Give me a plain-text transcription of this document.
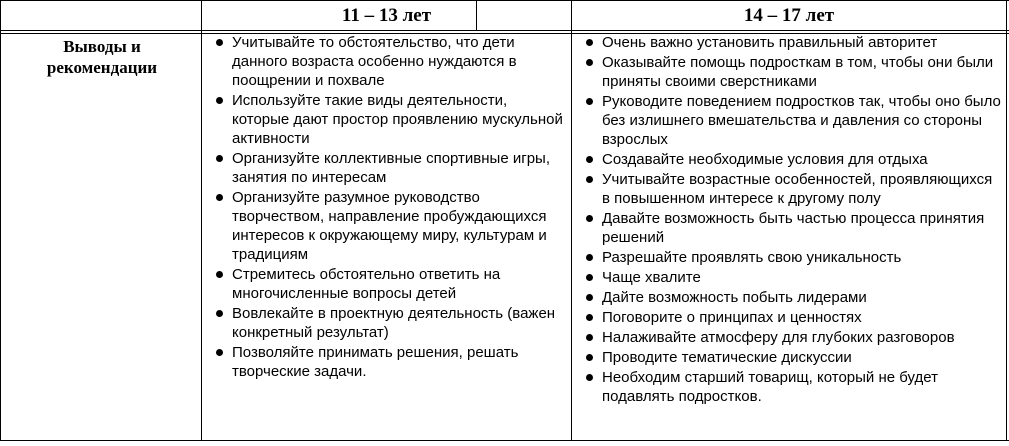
11 – 13 лет	14 – 17 лет
Выводы и
рекомендации
Учитывайте то обстоятельство, что дети данного возраста особенно нуждаются в поощрении и похвале
Используйте такие виды деятельности, которые дают простор проявлению мускульной активности
Организуйте коллективные спортивные игры, занятия по интересам
Организуйте разумное руководство творчеством, направление пробуждающихся интересов к окружающему миру, культурам и традициям
Стремитесь обстоятельно ответить на многочисленные вопросы детей
Вовлекайте в проектную деятельность (важен конкретный результат)
Позволяйте принимать решения, решать творческие задачи.
Очень важно установить правильный авторитет
Оказывайте помощь подросткам в том, чтобы они были приняты своими сверстниками
Руководите поведением подростков так, чтобы оно было без излишнего вмешательства и давления со стороны взрослых
Создавайте необходимые условия для отдыха
Учитывайте возрастные особенностей, проявляющихся в повышенном интересе к другому полу
Давайте возможность быть частью процесса принятия решений
Разрешайте проявлять свою уникальность
Чаще хвалите
Дайте возможность побыть лидерами
Поговорите о принципах и ценностях
Налаживайте атмосферу для глубоких разговоров
Проводите тематические дискуссии
Необходим старший товарищ, который не будет подавлять подростков.
